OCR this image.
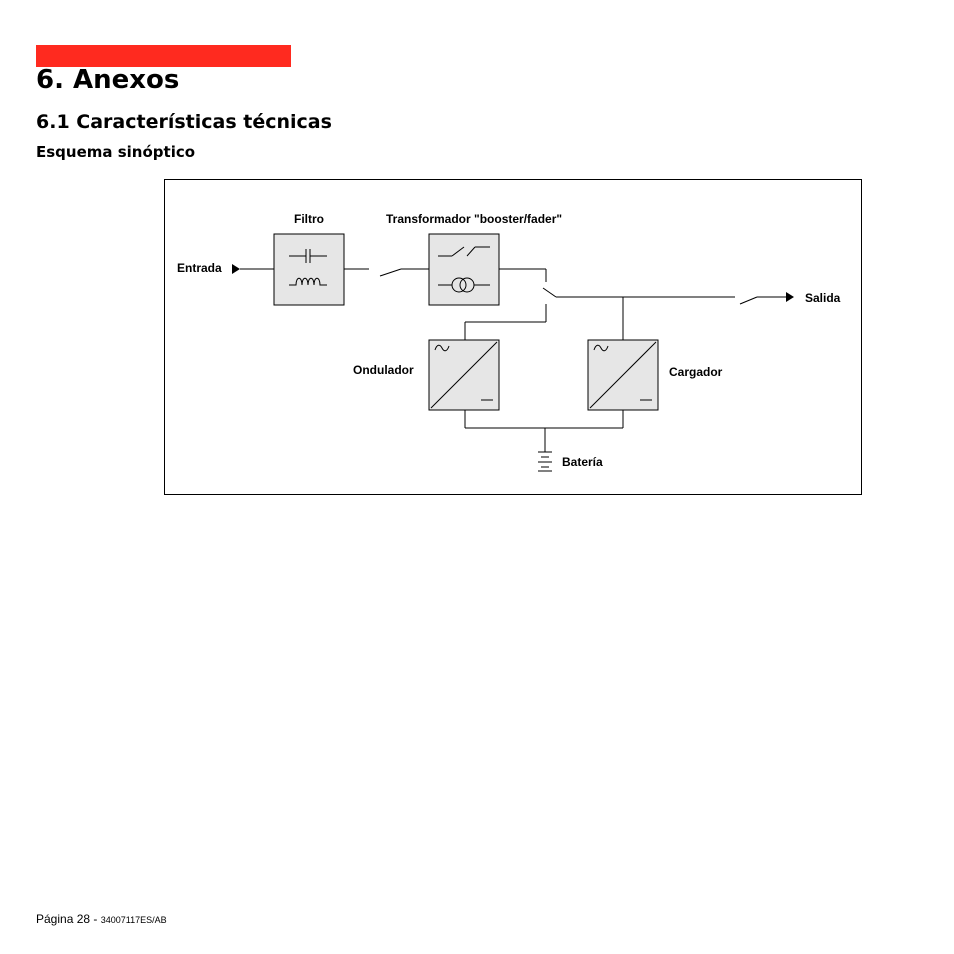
6. Anexos
6.1 Características técnicas
Esquema sinóptico
Filtro	Transformador "booster/fader"
Entrada
Salida
Ondulador	Cargador
Batería
Página 28 - 34007117ES/AB
